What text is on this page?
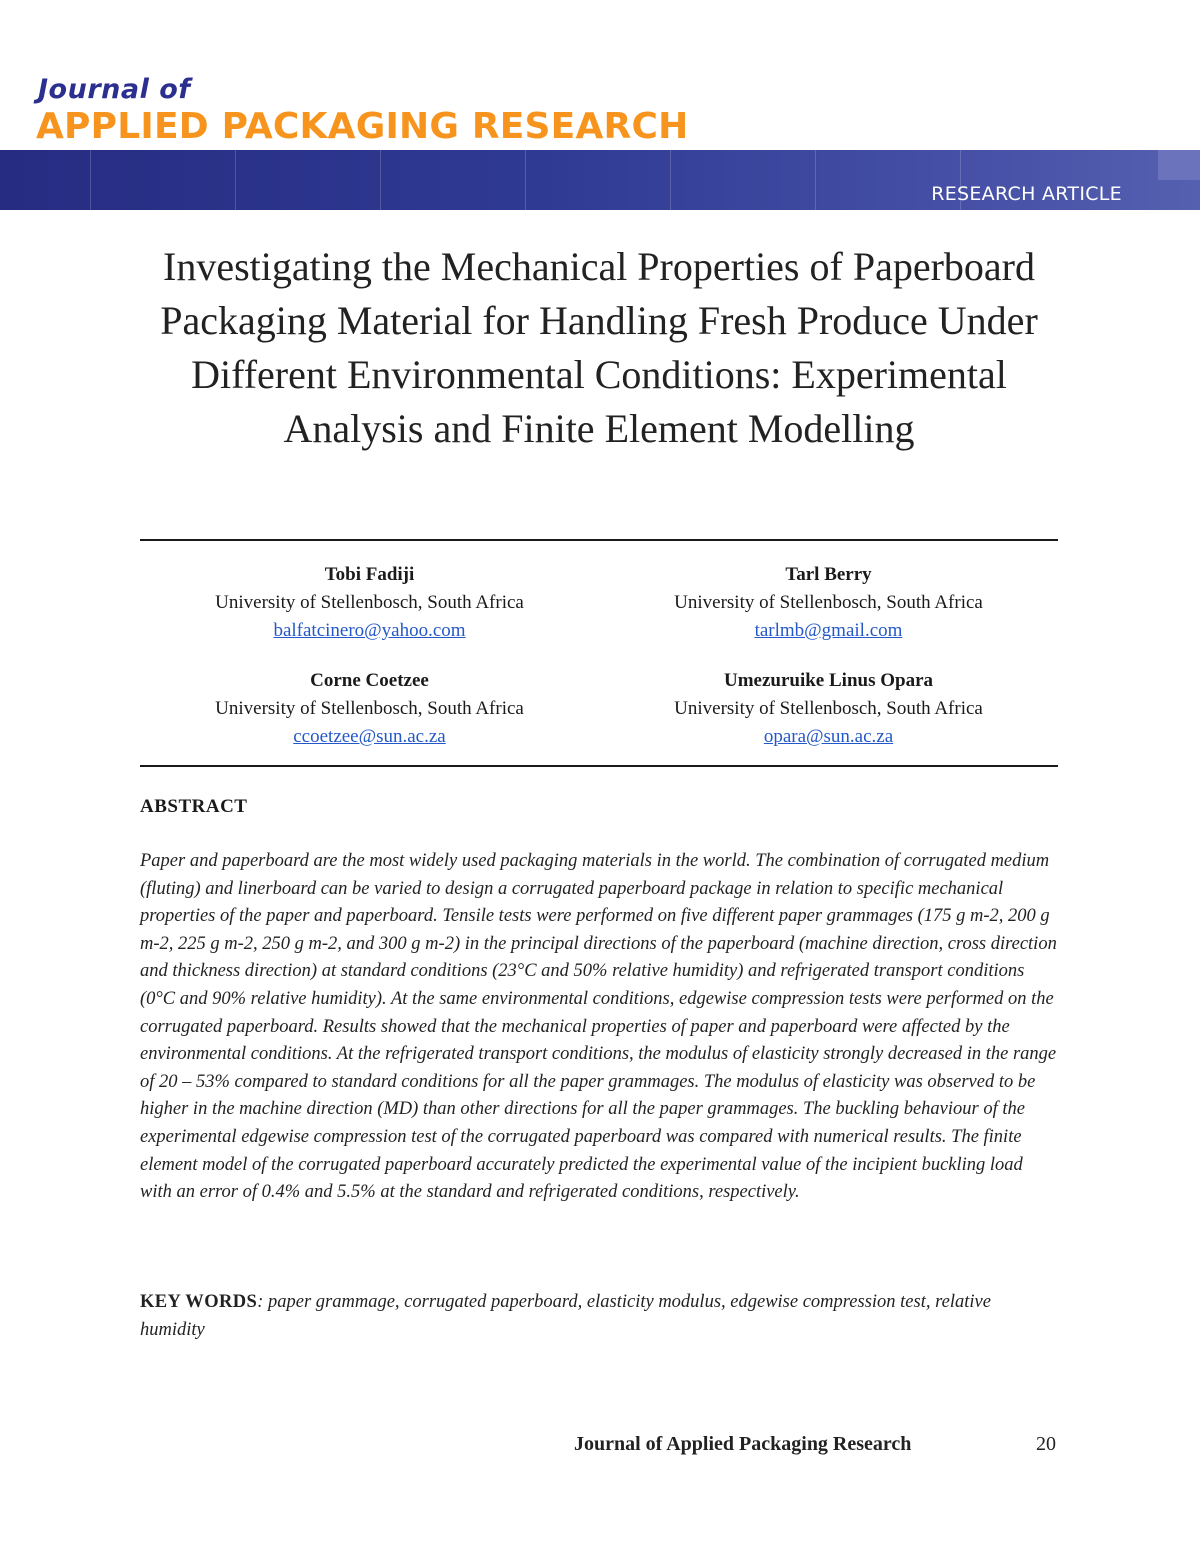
Journal of
APPLIED PACKAGING RESEARCH
RESEARCH ARTICLE
Investigating the Mechanical Properties of Paperboard Packaging Material for Handling Fresh Produce Under Different Environmental Conditions: Experimental Analysis and Finite Element Modelling
Tobi Fadiji
University of Stellenbosch, South Africa
balfatcinero@yahoo.com
Tarl Berry
University of Stellenbosch, South Africa
tarlmb@gmail.com
Corne Coetzee
University of Stellenbosch, South Africa
ccoetzee@sun.ac.za
Umezuruike Linus Opara
University of Stellenbosch, South Africa
opara@sun.ac.za
ABSTRACT

Paper and paperboard are the most widely used packaging materials in the world. The combination of corrugated medium (fluting) and linerboard can be varied to design a corrugated paperboard package in relation to specific mechanical properties of the paper and paperboard. Tensile tests were performed on five different paper grammages (175 g m-2, 200 g m-2, 225 g m-2, 250 g m-2, and 300 g m-2) in the principal directions of the paperboard (machine direction, cross direction and thickness direction) at standard conditions (23°C and 50% relative humidity) and refrigerated transport conditions (0°C and 90% relative humidity). At the same environmental conditions, edgewise compression tests were performed on the corrugated paperboard. Results showed that the mechanical properties of paper and paperboard were affected by the environmental conditions. At the refrigerated transport conditions, the modulus of elasticity strongly decreased in the range of 20 – 53% compared to standard conditions for all the paper grammages. The modulus of elasticity was observed to be higher in the machine direction (MD) than other directions for all the paper grammages. The buckling behaviour of the experimental edgewise compression test of the corrugated paperboard was compared with numerical results. The finite element model of the corrugated paperboard accurately predicted the experimental value of the incipient buckling load with an error of 0.4% and 5.5% at the standard and refrigerated conditions, respectively.

KEY WORDS: paper grammage, corrugated paperboard, elasticity modulus, edgewise compression test, relative humidity

Journal of Applied Packaging Research	20
